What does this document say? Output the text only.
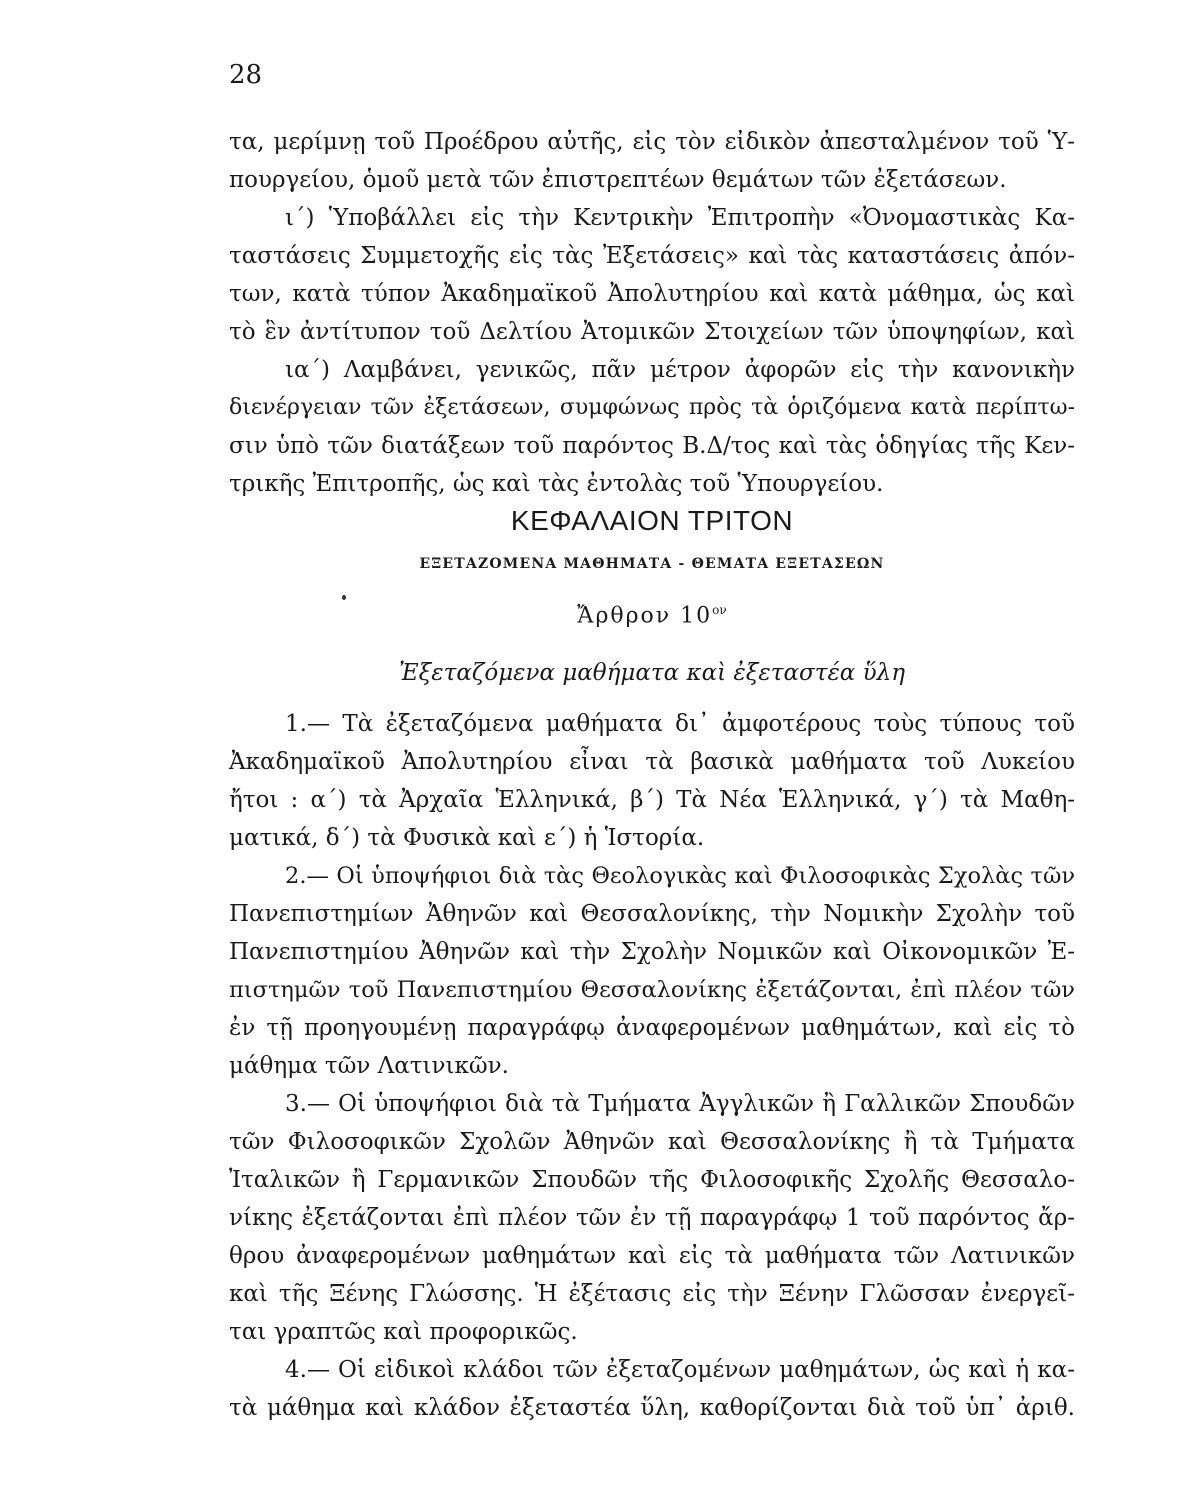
28
τα, μερίμνῃ τοῦ Προέδρου αὐτῆς, εἰς τὸν εἰδικὸν ἀπεσταλμένον τοῦ Ὑ-
πουργείου, ὁμοῦ μετὰ τῶν ἐπιστρεπτέων θεμάτων τῶν ἐξετάσεων.
ι´) Ὑποβάλλει εἰς τὴν Κεντρικὴν Ἐπιτροπὴν «Ὀνομαστικὰς Κα-
ταστάσεις Συμμετοχῆς εἰς τὰς Ἐξετάσεις» καὶ τὰς καταστάσεις ἀπόν-
των, κατὰ τύπον Ἀκαδημαϊκοῦ Ἀπολυτηρίου καὶ κατὰ μάθημα, ὡς καὶ
τὸ ἓν ἀντίτυπον τοῦ Δελτίου Ἀτομικῶν Στοιχείων τῶν ὑποψηφίων, καὶ
ια´) Λαμβάνει, γενικῶς, πᾶν μέτρον ἀφορῶν εἰς τὴν κανονικὴν
διενέργειαν τῶν ἐξετάσεων, συμφώνως πρὸς τὰ ὁριζόμενα κατὰ περίπτω-
σιν ὑπὸ τῶν διατάξεων τοῦ παρόντος Β.Δ/τος καὶ τὰς ὁδηγίας τῆς Κεν-
τρικῆς Ἐπιτροπῆς, ὡς καὶ τὰς ἐντολὰς τοῦ Ὑπουργείου.
ΚΕΦΑΛΑΙΟΝ ΤΡΙΤΟΝ
ΕΞΕΤΑΖΟΜΕΝΑ ΜΑΘΗΜΑΤΑ - ΘΕΜΑΤΑ ΕΞΕΤΑΣΕΩΝ
Ἄρθρον $10^{o\nu}$
Ἐξεταζόμενα μαθήματα καὶ ἐξεταστέα ὕλη
1.— Τὰ ἐξεταζόμενα μαθήματα δι᾽ ἀμφοτέρους τοὺς τύπους τοῦ
Ἀκαδημαϊκοῦ Ἀπολυτηρίου εἶναι τὰ βασικὰ μαθήματα τοῦ Λυκείου
ἤτοι : α´) τὰ Ἀρχαῖα Ἑλληνικά, β´) Τὰ Νέα Ἑλληνικά, γ´) τὰ Μαθη-
ματικά, δ´) τὰ Φυσικὰ καὶ ε´) ἡ Ἱστορία.
2.— Οἱ ὑποψήφιοι διὰ τὰς Θεολογικὰς καὶ Φιλοσοφικὰς Σχολὰς τῶν
Πανεπιστημίων Ἀθηνῶν καὶ Θεσσαλονίκης, τὴν Νομικὴν Σχολὴν τοῦ
Πανεπιστημίου Ἀθηνῶν καὶ τὴν Σχολὴν Νομικῶν καὶ Οἰκονομικῶν Ἐ-
πιστημῶν τοῦ Πανεπιστημίου Θεσσαλονίκης ἐξετάζονται, ἐπὶ πλέον τῶν
ἐν τῇ προηγουμένῃ παραγράφῳ ἀναφερομένων μαθημάτων, καὶ εἰς τὸ
μάθημα τῶν Λατινικῶν.
3.— Οἱ ὑποψήφιοι διὰ τὰ Τμήματα Ἀγγλικῶν ἢ Γαλλικῶν Σπουδῶν
τῶν Φιλοσοφικῶν Σχολῶν Ἀθηνῶν καὶ Θεσσαλονίκης ἢ τὰ Τμήματα
Ἰταλικῶν ἢ Γερμανικῶν Σπουδῶν τῆς Φιλοσοφικῆς Σχολῆς Θεσσαλο-
νίκης ἐξετάζονται ἐπὶ πλέον τῶν ἐν τῇ παραγράφῳ 1 τοῦ παρόντος ἄρ-
θρου ἀναφερομένων μαθημάτων καὶ εἰς τὰ μαθήματα τῶν Λατινικῶν
καὶ τῆς Ξένης Γλώσσης. Ἡ ἐξέτασις εἰς τὴν Ξένην Γλῶσσαν ἐνεργεῖ-
ται γραπτῶς καὶ προφορικῶς.
4.— Οἱ εἰδικοὶ κλάδοι τῶν ἐξεταζομένων μαθημάτων, ὡς καὶ ἡ κα-
τὰ μάθημα καὶ κλάδον ἐξεταστέα ὕλη, καθορίζονται διὰ τοῦ ὑπ᾽ ἀριθ.
